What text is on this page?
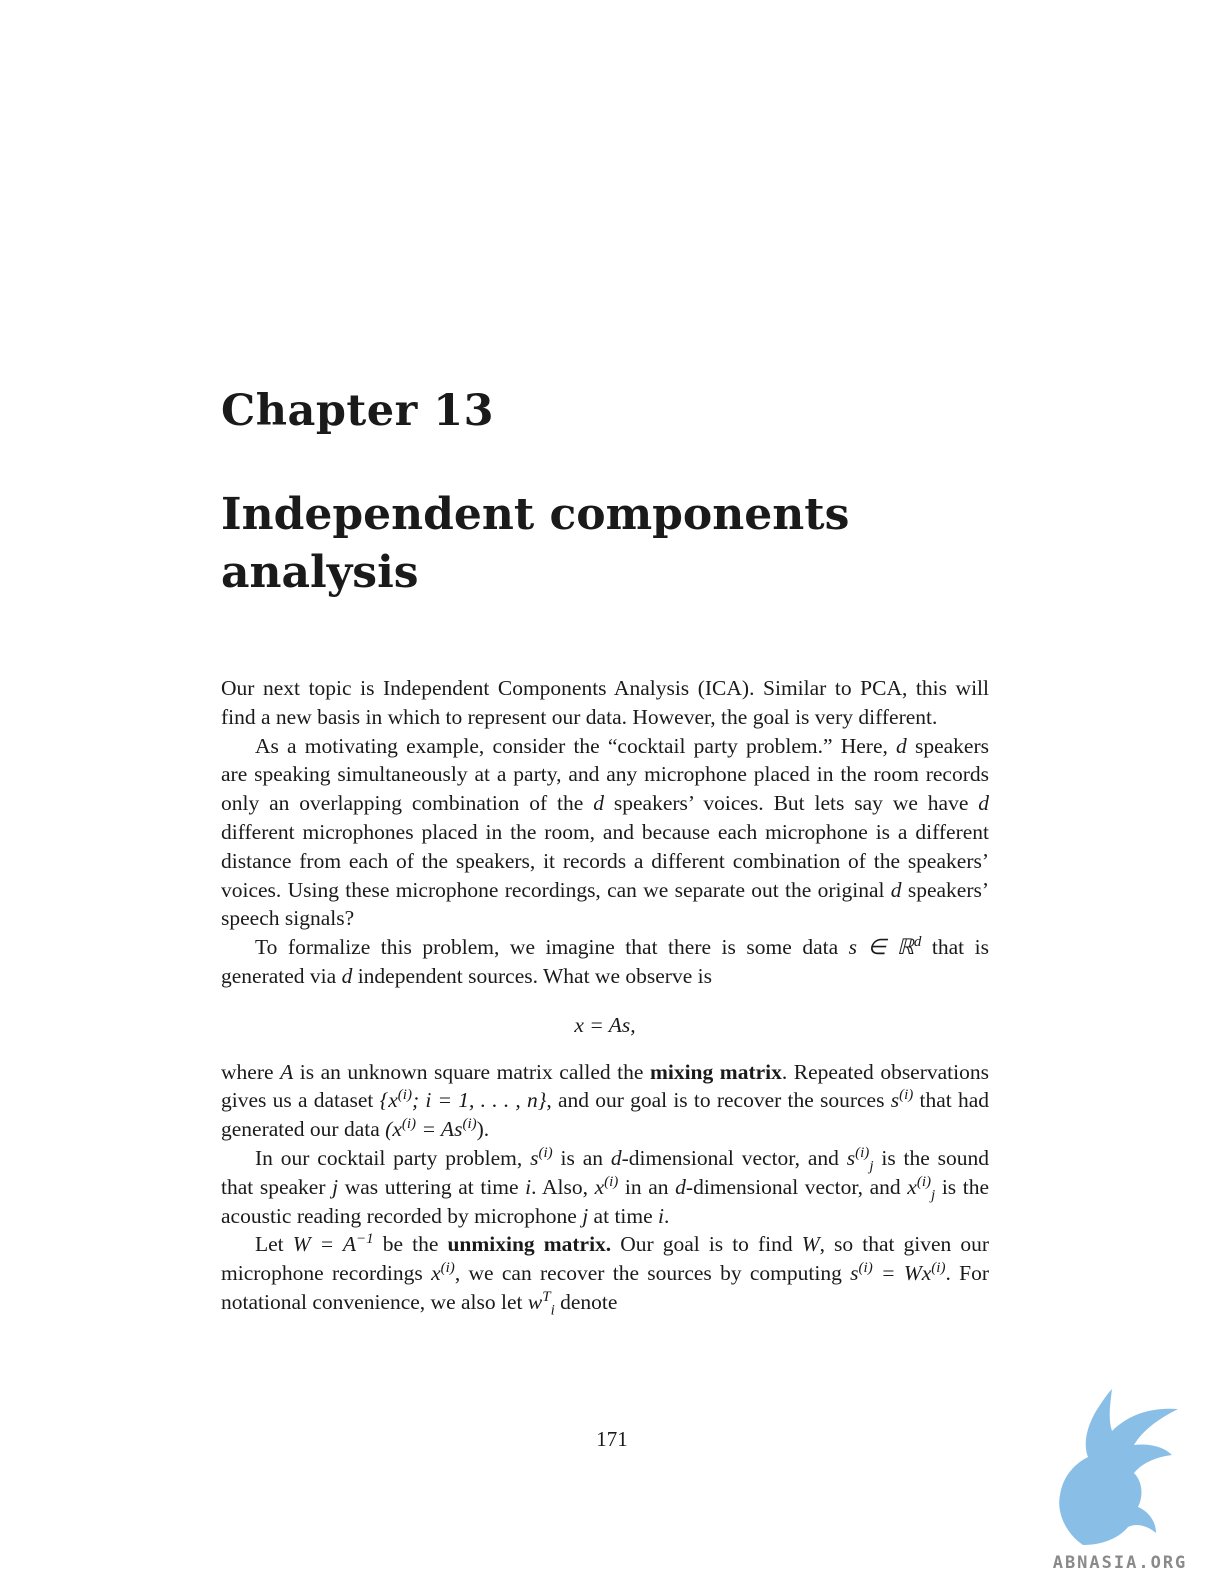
Chapter 13
Independent components analysis

Our next topic is Independent Components Analysis (ICA). Similar to PCA, this will find a new basis in which to represent our data. However, the goal is very different.

As a motivating example, consider the “cocktail party problem.” Here, d speakers are speaking simultaneously at a party, and any microphone placed in the room records only an overlapping combination of the d speakers’ voices. But lets say we have d different microphones placed in the room, and because each microphone is a different distance from each of the speakers, it records a different combination of the speakers’ voices. Using these microphone recordings, can we separate out the original d speakers’ speech signals?

To formalize this problem, we imagine that there is some data s ∈ ℝ$^d$ that is generated via d independent sources. What we observe is

x = As,

where A is an unknown square matrix called the mixing matrix. Repeated observations gives us a dataset {$x^{(i)}$; i = 1, . . . , n}, and our goal is to recover the sources $s^{(i)}$ that had generated our data $(x^{(i)} = As^{(i)})$.

In our cocktail party problem, $s^{(i)}$ is an d-dimensional vector, and $s^{(i)}_j$ is the sound that speaker j was uttering at time i. Also, $x^{(i)}$ in an d-dimensional vector, and $x^{(i)}_j$ is the acoustic reading recorded by microphone j at time i.

Let $W = A^{-1}$ be the unmixing matrix. Our goal is to find W, so that given our microphone recordings $x^{(i)}$, we can recover the sources by computing $s^{(i)} = Wx^{(i)}$. For notational convenience, we also let $w^T_i$ denote

171
ABNASIA.ORG
